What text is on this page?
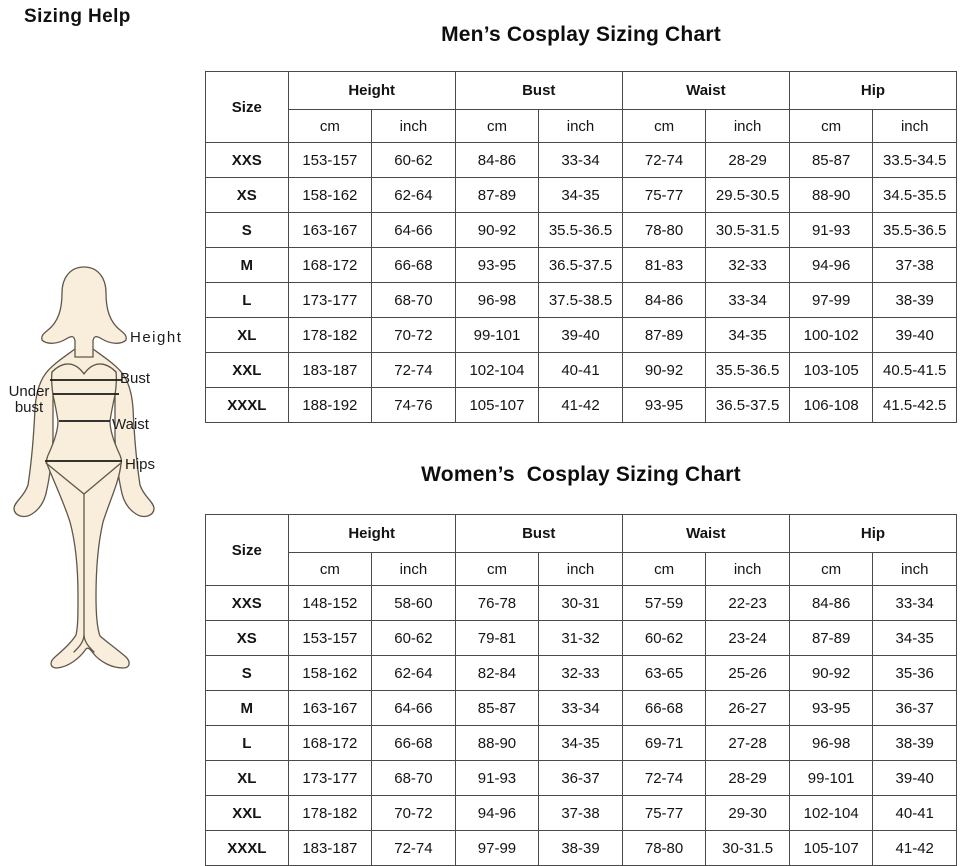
Sizing Help
Height
Bust
Under bust
Waist
Hips
Men’s Cosplay Sizing Chart
Size	Height		Bust		Waist		Hip	
	cm	inch	cm	inch	cm	inch	cm	inch
XXS	153-157	60-62	84-86	33-34	72-74	28-29	85-87	33.5-34.5
XS	158-162	62-64	87-89	34-35	75-77	29.5-30.5	88-90	34.5-35.5
S	163-167	64-66	90-92	35.5-36.5	78-80	30.5-31.5	91-93	35.5-36.5
M	168-172	66-68	93-95	36.5-37.5	81-83	32-33	94-96	37-38
L	173-177	68-70	96-98	37.5-38.5	84-86	33-34	97-99	38-39
XL	178-182	70-72	99-101	39-40	87-89	34-35	100-102	39-40
XXL	183-187	72-74	102-104	40-41	90-92	35.5-36.5	103-105	40.5-41.5
XXXL	188-192	74-76	105-107	41-42	93-95	36.5-37.5	106-108	41.5-42.5
Women’s  Cosplay Sizing Chart
Size	Height		Bust		Waist		Hip	
	cm	inch	cm	inch	cm	inch	cm	inch
XXS	148-152	58-60	76-78	30-31	57-59	22-23	84-86	33-34
XS	153-157	60-62	79-81	31-32	60-62	23-24	87-89	34-35
S	158-162	62-64	82-84	32-33	63-65	25-26	90-92	35-36
M	163-167	64-66	85-87	33-34	66-68	26-27	93-95	36-37
L	168-172	66-68	88-90	34-35	69-71	27-28	96-98	38-39
XL	173-177	68-70	91-93	36-37	72-74	28-29	99-101	39-40
XXL	178-182	70-72	94-96	37-38	75-77	29-30	102-104	40-41
XXXL	183-187	72-74	97-99	38-39	78-80	30-31.5	105-107	41-42
